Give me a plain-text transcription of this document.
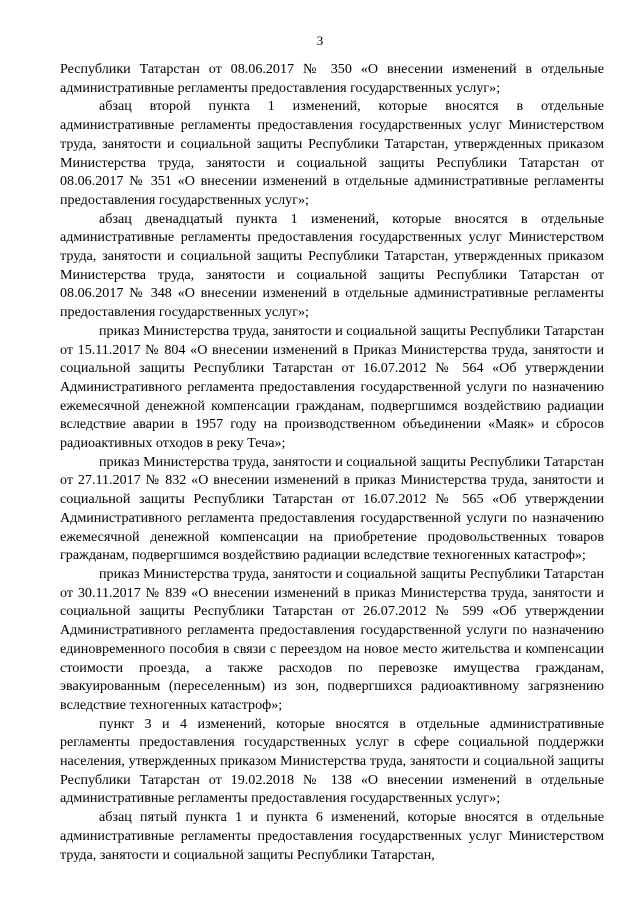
3

Республики Татарстан от 08.06.2017 № 350 «О внесении изменений в отдельные административные регламенты предоставления государственных услуг»;

абзац второй пункта 1 изменений, которые вносятся в отдельные административные регламенты предоставления государственных услуг Министерством труда, занятости и социальной защиты Республики Татарстан, утвержденных приказом Министерства труда, занятости и социальной защиты Республики Татарстан от 08.06.2017 № 351 «О внесении изменений в отдельные административные регламенты предоставления государственных услуг»;

абзац двенадцатый пункта 1 изменений, которые вносятся в отдельные административные регламенты предоставления государственных услуг Министерством труда, занятости и социальной защиты Республики Татарстан, утвержденных приказом Министерства труда, занятости и социальной защиты Республики Татарстан от 08.06.2017 № 348 «О внесении изменений в отдельные административные регламенты предоставления государственных услуг»;

приказ Министерства труда, занятости и социальной защиты Республики Татарстан от 15.11.2017 № 804 «О внесении изменений в Приказ Министерства труда, занятости и социальной защиты Республики Татарстан от 16.07.2012 № 564 «Об утверждении Административного регламента предоставления государственной услуги по назначению ежемесячной денежной компенсации гражданам, подвергшимся воздействию радиации вследствие аварии в 1957 году на производственном объединении «Маяк» и сбросов радиоактивных отходов в реку Теча»;

приказ Министерства труда, занятости и социальной защиты Республики Татарстан от 27.11.2017 № 832 «О внесении изменений в приказ Министерства труда, занятости и социальной защиты Республики Татарстан от 16.07.2012 № 565 «Об утверждении Административного регламента предоставления государственной услуги по назначению ежемесячной денежной компенсации на приобретение продовольственных товаров гражданам, подвергшимся воздействию радиации вследствие техногенных катастроф»;

приказ Министерства труда, занятости и социальной защиты Республики Татарстан от 30.11.2017 № 839 «О внесении изменений в приказ Министерства труда, занятости и социальной защиты Республики Татарстан от 26.07.2012 № 599 «Об утверждении Административного регламента предоставления государственной услуги по назначению единовременного пособия в связи с переездом на новое место жительства и компенсации стоимости проезда, а также расходов по перевозке имущества гражданам, эвакуированным (переселенным) из зон, подвергшихся радиоактивному загрязнению вследствие техногенных катастроф»;

пункт 3 и 4 изменений, которые вносятся в отдельные административные регламенты предоставления государственных услуг в сфере социальной поддержки населения, утвержденных приказом Министерства труда, занятости и социальной защиты Республики Татарстан от 19.02.2018 № 138 «О внесении изменений в отдельные административные регламенты предоставления государственных услуг»;

абзац пятый пункта 1 и пункта 6 изменений, которые вносятся в отдельные административные регламенты предоставления государственных услуг Министерством труда, занятости и социальной защиты Республики Татарстан,
